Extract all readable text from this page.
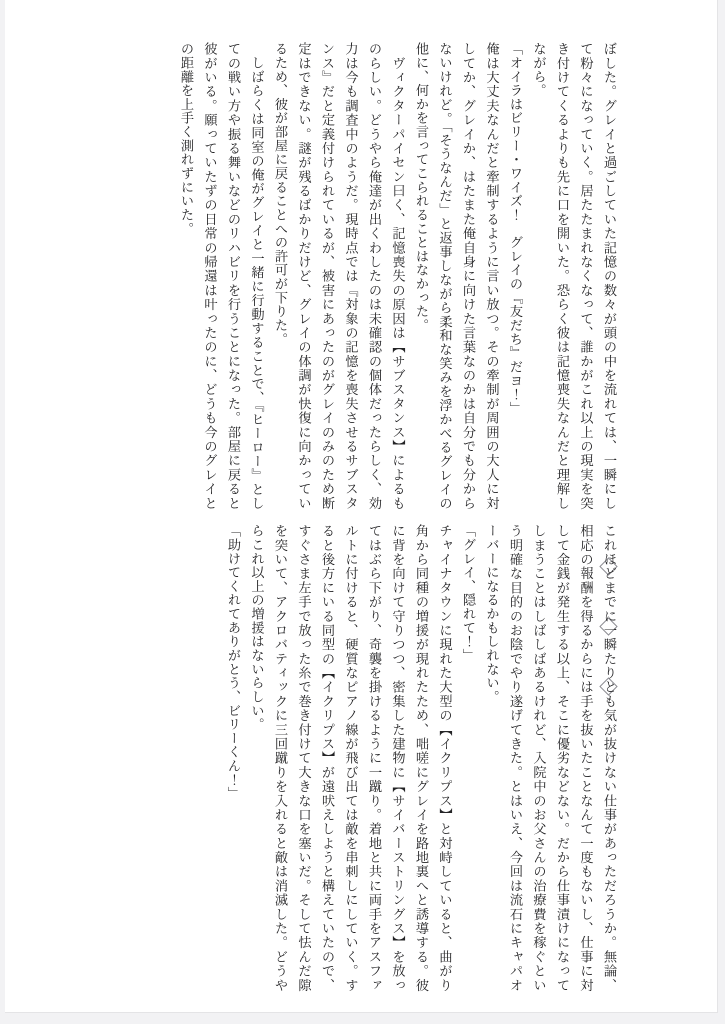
ぼした。グレイと過ごしていた記憶の数々が頭の中を流れては、一瞬にして粉々になっていく。居たたまれなくなって、誰かがこれ以上の現実を突き付けてくるよりも先に口を開いた。恐らく彼は記憶喪失なんだと理解しながら。

「オイラはビリー・ワイズ！　グレイの『友だち』だヨ！」

俺は大丈夫なんだと牽制するように言い放つ。その牽制が周囲の大人に対してか、グレイか、はたまた俺自身に向けた言葉なのかは自分でも分からないけれど。「そうなんだ」と返事しながら柔和な笑みを浮かべるグレイの他に、何かを言ってこられることはなかった。

　ヴィクターパイセン曰く、記憶喪失の原因は【サブスタンス】によるものらしい。どうやら俺達が出くわしたのは未確認の個体だったらしく、効力は今も調査中のようだ。現時点では『対象の記憶を喪失させるサブスタンス』だと定義付けられているが、被害にあったのがグレイのみのため断定はできない。謎が残るばかりだけど、グレイの体調が快復に向かっているため、彼が部屋に戻ることへの許可が下りた。

　しばらくは同室の俺がグレイと一緒に行動することで、『ヒーロー』としての戦い方や振る舞いなどのリハビリを行うことになった。部屋に戻ると彼がいる。願っていたずの日常の帰還は叶ったのに、どうも今のグレイとの距離を上手く測れずにいた。

これほどまでに一瞬たりとも気が抜けない仕事があっただろうか。無論、相応の報酬を得るからには手を抜いたことなんて一度もないし、仕事に対して金銭が発生する以上、そこに優劣などない。だから仕事漬けになってしまうことはしばしばあるけれど、入院中のお父さんの治療費を稼ぐという明確な目的のお陰でやり遂げてきた。とはいえ、今回は流石にキャパオーバーになるかもしれない。

「グレイ、隠れて！」

チャイナタウンに現れた大型の【イクリプス】と対峙していると、曲がり角から同種の増援が現れたため、咄嗟にグレイを路地裏へと誘導する。彼に背を向けて守りつつ、密集した建物に【サイバーストリングス】を放ってはぶら下がり、奇襲を掛けるように一蹴り。着地と共に両手をアスファルトに付けると、硬質なピアノ線が飛び出ては敵を串刺しにしていく。すると後方にいる同型の【イクリプス】が遠吠えしようと構えていたので、すぐさま左手で放った糸で巻き付けて大きな口を塞いだ。そして怯んだ隙を突いて、アクロバティックに三回蹴りを入れると敵は消滅した。どうやらこれ以上の増援はないらしい。

「助けてくれてありがとう、ビリーくん！」
